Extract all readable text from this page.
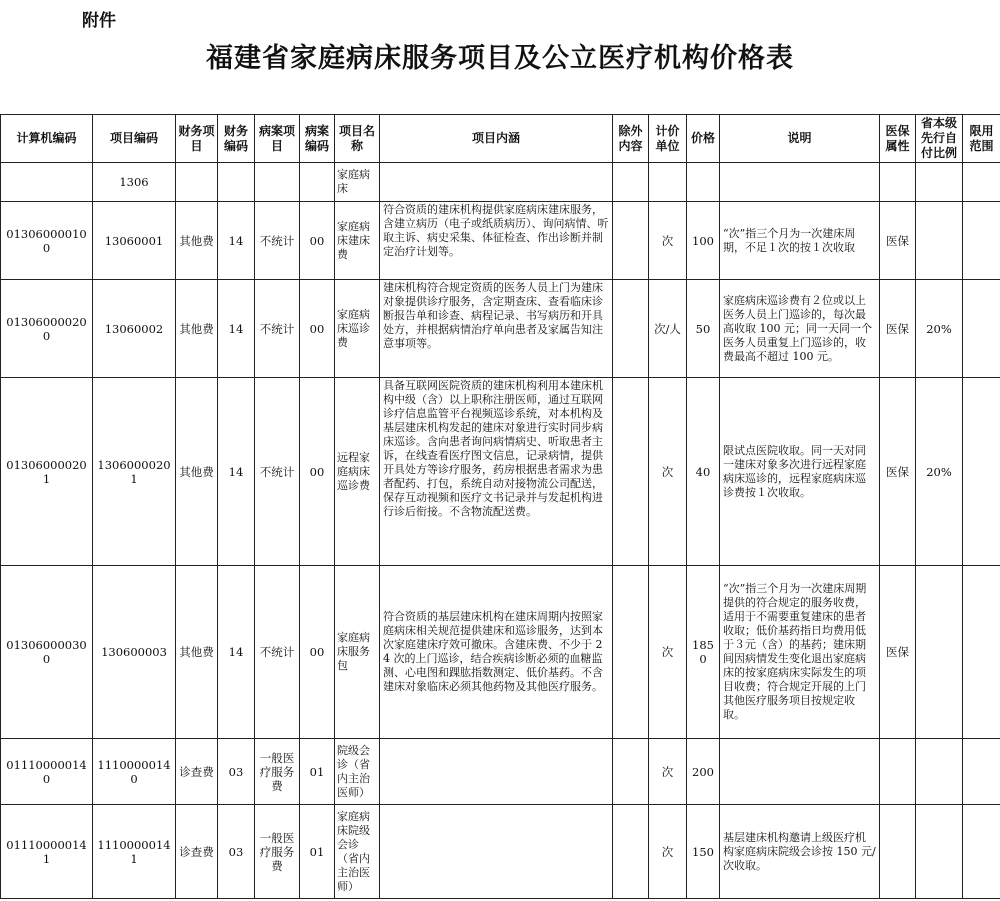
附件
福建省家庭病床服务项目及公立医疗机构价格表
计算机编码	项目编码	财务项目	财务编码	病案项目	病案编码	项目名称	项目内涵	除外内容	计价单位	价格	说明	医保属性	省本级先行自付比例	限用范围
	1306					家庭病床								
013060000100	13060001	其他费	14	不统计	00	家庭病床建床费	符合资质的建床机构提供家庭病床建床服务，含建立病历（电子或纸质病历）、询问病情、听取主诉、病史采集、体征检查、作出诊断并制定治疗计划等。		次	100	“次”指三个月为一次建床周期，不足１次的按１次收取	医保		
013060000200	13060002	其他费	14	不统计	00	家庭病床巡诊费	建床机构符合规定资质的医务人员上门为建床对象提供诊疗服务，含定期查床、查看临床诊断报告单和诊查、病程记录、书写病历和开具处方，并根据病情治疗单向患者及家属告知注意事项等。		次/人	50	家庭病床巡诊费有２位或以上医务人员上门巡诊的，每次最高收取 100 元；同一天同一个医务人员重复上门巡诊的，收费最高不超过 100 元。	医保	20%	
013060000201	13060000201	其他费	14	不统计	00	远程家庭病床巡诊费	具备互联网医院资质的建床机构利用本建床机构中级（含）以上职称注册医师，通过互联网诊疗信息监管平台视频巡诊系统，对本机构及基层建床机构发起的建床对象进行实时同步病床巡诊。含向患者询问病情病史、听取患者主诉，在线查看医疗图文信息，记录病情，提供开具处方等诊疗服务，药房根据患者需求为患者配药、打包，系统自动对接物流公司配送，保存互动视频和医疗文书记录并与发起机构进行诊后衔接。不含物流配送费。		次	40	限试点医院收取。同一天对同一建床对象多次进行远程家庭病床巡诊的，远程家庭病床巡诊费按１次收取。	医保	20%	
013060000300	130600003	其他费	14	不统计	00	家庭病床服务包	符合资质的基层建床机构在建床周期内按照家庭病床相关规范提供建床和巡诊服务，达到本次家庭建床疗效可撤床。含建床费、不少于 24 次的上门巡诊，结合疾病诊断必须的血糖监测、心电图和踝肱指数测定、低价基药。不含建床对象临床必须其他药物及其他医疗服务。		次	1850	“次”指三个月为一次建床周期提供的符合规定的服务收费，适用于不需要重复建床的患者收取；低价基药指日均费用低于３元（含）的基药；建床期间因病情发生变化退出家庭病床的按家庭病床实际发生的项目收费；符合规定开展的上门其他医疗服务项目按规定收取。	医保		
011100000140	11100000140	诊查费	03	一般医疗服务费	01	院级会诊（省内主治医师）			次	200				
011100000141	11100000141	诊查费	03	一般医疗服务费	01	家庭病床院级会诊（省内主治医师）			次	150	基层建床机构邀请上级医疗机构家庭病床院级会诊按 150 元/次收取。			
